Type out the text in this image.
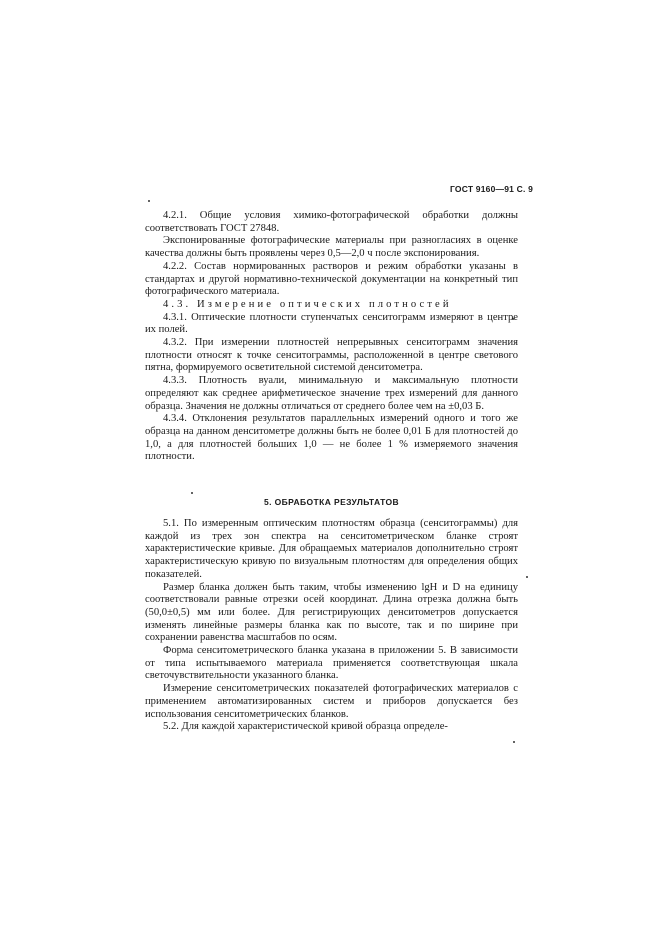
ГОСТ 9160—91 С. 9

4.2.1. Общие условия химико-фотографической обработки должны соответствовать ГОСТ 27848.

Экспонированные фотографические материалы при разногласиях в оценке качества должны быть проявлены через 0,5—2,0 ч после экспонирования.

4.2.2. Состав нормированных растворов и режим обработки указаны в стандартах и другой нормативно-технической документации на конкретный тип фотографического материала.

4.3. Измерение оптических плотностей

4.3.1. Оптические плотности ступенчатых сенситограмм измеряют в центре их полей.

4.3.2. При измерении плотностей непрерывных сенситограмм значения плотности относят к точке сенситограммы, расположенной в центре светового пятна, формируемого осветительной системой денситометра.

4.3.3. Плотность вуали, минимальную и максимальную плотности определяют как среднее арифметическое значение трех измерений для данного образца. Значения не должны отличаться от среднего более чем на ±0,03 Б.

4.3.4. Отклонения результатов параллельных измерений одного и того же образца на данном денситометре должны быть не более 0,01 Б для плотностей до 1,0, а для плотностей больших 1,0 — не более 1 % измеряемого значения плотности.

5. ОБРАБОТКА РЕЗУЛЬТАТОВ

5.1. По измеренным оптическим плотностям образца (сенситограммы) для каждой из трех зон спектра на сенситометрическом бланке строят характеристические кривые. Для обращаемых материалов дополнительно строят характеристическую кривую по визуальным плотностям для определения общих показателей.

Размер бланка должен быть таким, чтобы изменению lgH и D на единицу соответствовали равные отрезки осей координат. Длина отрезка должна быть (50,0±0,5) мм или более. Для регистрирующих денситометров допускается изменять линейные размеры бланка как по высоте, так и по ширине при сохранении равенства масштабов по осям.

Форма сенситометрического бланка указана в приложении 5. В зависимости от типа испытываемого материала применяется соответствующая шкала светочувствительности указанного бланка.

Измерение сенситометрических показателей фотографических материалов с применением автоматизированных систем и приборов допускается без использования сенситометрических бланков.

5.2. Для каждой характеристической кривой образца определе-
